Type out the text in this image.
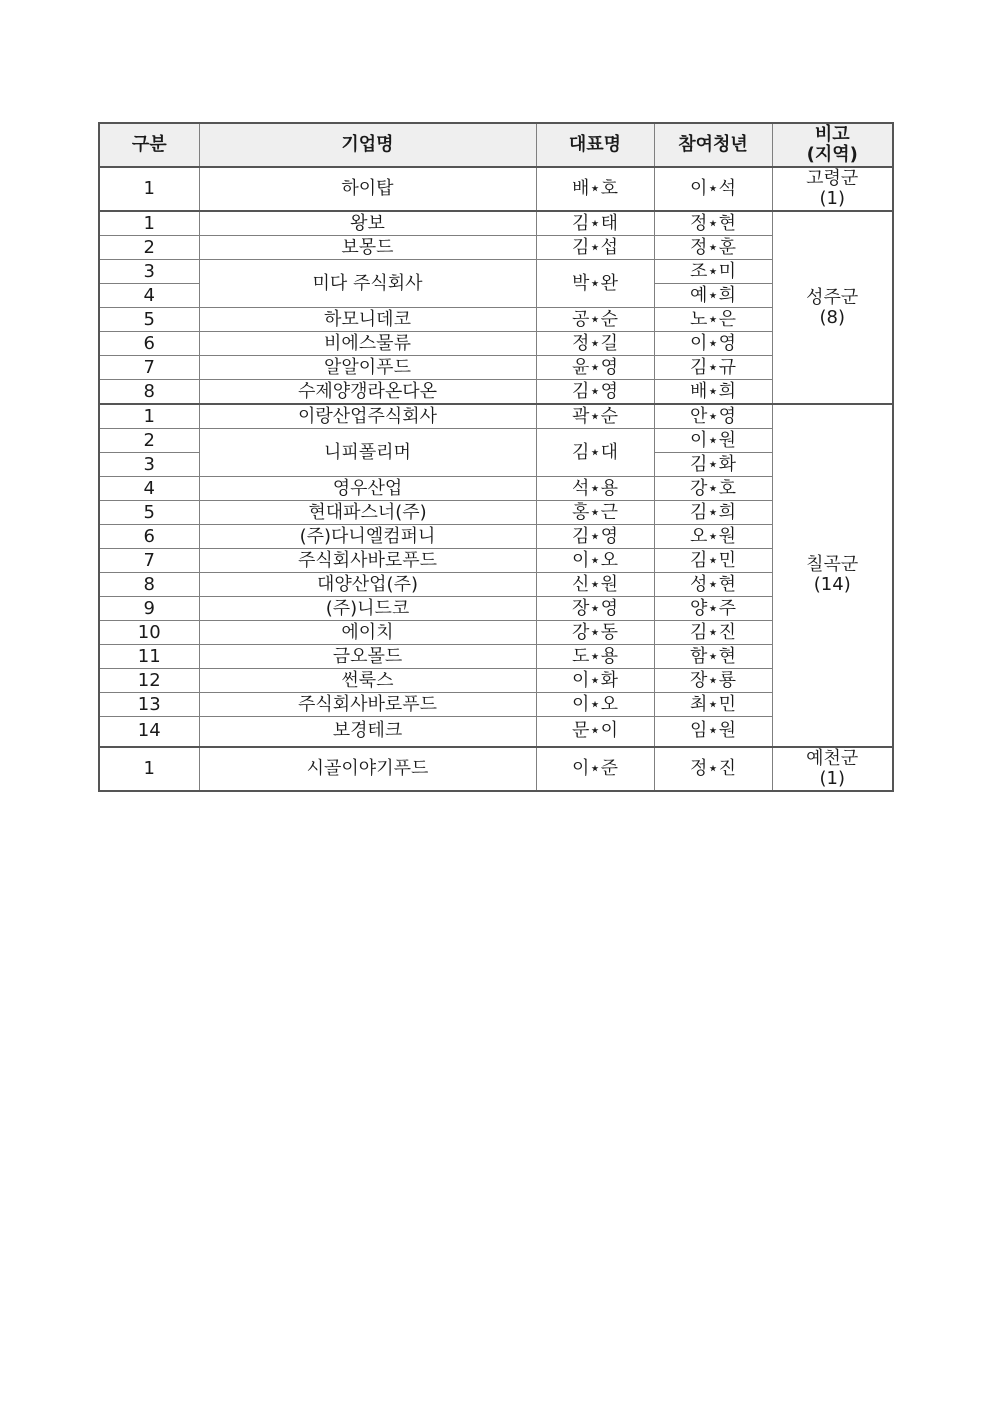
구분	기업명	대표명	참여청년	비고
(지역)

1	하이탑	배⋆호	이⋆석	고령군
(1)

1	왕보	김⋆태	정⋆현	성주군
(8)

2	보몽드	김⋆섭	정⋆훈	
3	미다 주식회사	박⋆완	조⋆미	
4			예⋆희	
5	하모니데코	공⋆순	노⋆은	
6	비에스물류	정⋆길	이⋆영	
7	알알이푸드	윤⋆영	김⋆규	
8	수제양갱라온다온	김⋆영	배⋆희	
1	이랑산업주식회사	곽⋆순	안⋆영	칠곡군
(14)

2	니피폴리머	김⋆대	이⋆원	
3			김⋆화	
4	영우산업	석⋆용	강⋆호	
5	현대파스너(주)	홍⋆근	김⋆희	
6	(주)다니엘컴퍼니	김⋆영	오⋆원	
7	주식회사바로푸드	이⋆오	김⋆민	
8	대양산업(주)	신⋆원	성⋆현	
9	(주)니드코	장⋆영	양⋆주	
10	에이치	강⋆동	김⋆진	
11	금오몰드	도⋆용	함⋆현	
12	썬룩스	이⋆화	장⋆룡	
13	주식회사바로푸드	이⋆오	최⋆민	
14	보경테크	문⋆이	임⋆원	
1	시골이야기푸드	이⋆준	정⋆진	예천군
(1)
